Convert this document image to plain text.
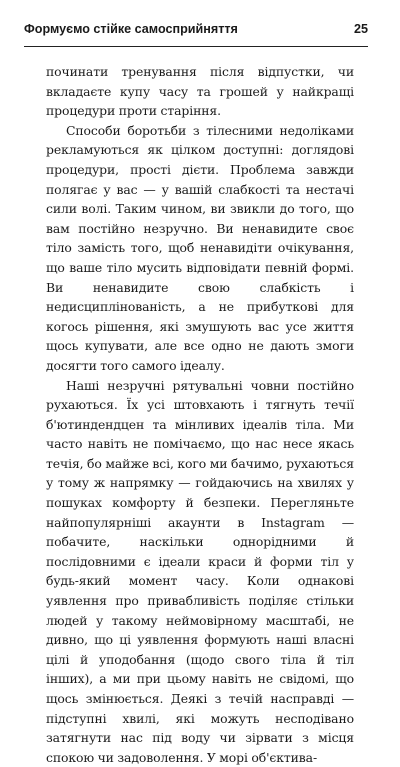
Формуємо стійке самосприйняття	25

починати тренування після відпустки, чи вкладаєте купу часу та грошей у найкращі процедури проти старіння.

Способи боротьби з тілесними недоліками рекламуються як цілком доступні: доглядові процедури, прості дієти. Проблема завжди полягає у вас — у вашій слабкості та нестачі сили волі. Таким чином, ви звикли до того, що вам постійно незручно. Ви ненавидите своє тіло замість того, щоб ненавидіти очікування, що ваше тіло мусить відповідати певній формі. Ви ненавидите свою слабкість і недисциплінованість, а не прибутковi для когось рішення, які змушують вас усе життя щось купувати, але все одно не дають змоги досягти того самого ідеалу.

Наші незручні рятувальні човни постійно рухаються. Їх усі штовхають і тягнуть течії б'ютиндендцен та мінливих ідеалів тіла. Ми часто навіть не помічаємо, що нас несе якась течія, бо майже всі, кого ми бачимо, рухаються у тому ж напрямку — гойдаючись на хвилях у пошуках комфорту й безпеки. Перегляньте найпопулярніші акаунти в Instagram — побачите, наскільки однорідними й послідовними є ідеали краси й форми тіл у будь-який момент часу. Коли однакові уявлення про привабливість поділяє стільки людей у такому неймовірному масштабі, не дивно, що ці уявлення формують наші власні цілі й уподобання (щодо свого тіла й тіл інших), а ми при цьому навіть не свідомі, що щось змінюється. Деякі з течій насправді — підступні хвилі, які можуть несподівано затягнути нас під воду чи зірвати з місця спокою чи задоволення. У морі об'єктива-
